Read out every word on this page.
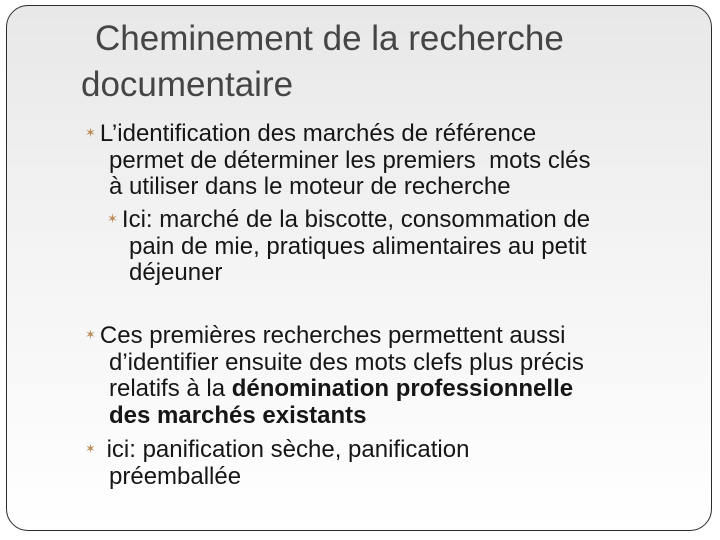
Cheminement de la recherche
documentaire
✶ L’identification des marchés de référence
permet de déterminer les premiers  mots clés
à utiliser dans le moteur de recherche
✶ Ici: marché de la biscotte, consommation de
pain de mie, pratiques alimentaires au petit
déjeuner
✶ Ces premières recherches permettent aussi
d’identifier ensuite des mots clefs plus précis
relatifs à la dénomination professionnelle
des marchés existants
✶ ici: panification sèche, panification
préemballée
